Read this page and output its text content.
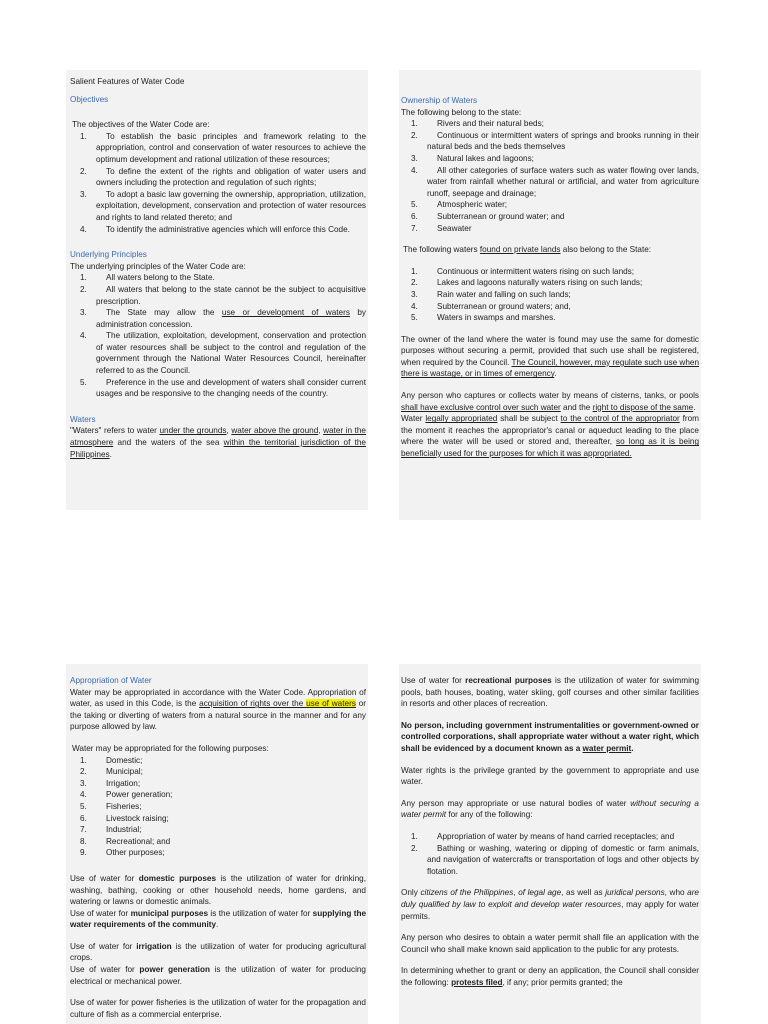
Salient Features of Water Code

Objectives

The objectives of the Water Code are:

1.	To establish the basic principles and framework relating to the appropriation, control and conservation of water resources to achieve the optimum development and rational utilization of these resources;
2.	To define the extent of the rights and obligation of water users and owners including the protection and regulation of such rights;
3.	To adopt a basic law governing the ownership, appropriation, utilization, exploitation, development, conservation and protection of water resources and rights to land related thereto; and
4.	To identify the administrative agencies which will enforce this Code.

Underlying Principles

The underlying principles of the Water Code are:

1.	All waters belong to the State.
2.	All waters that belong to the state cannot be the subject to acquisitive prescription.
3.	The State may allow the use or development of waters by administration concession.
4.	The utilization, exploitation, development, conservation and protection of water resources shall be subject to the control and regulation of the government through the National Water Resources Council, hereinafter referred to as the Council.
5.	Preference in the use and development of waters shall consider current usages and be responsive to the changing needs of the country.

Waters

"Waters" refers to water under the grounds, water above the ground, water in the atmosphere and the waters of the sea within the territorial jurisdiction of the Philippines.

Ownership of Waters

The following belong to the state:

1.	Rivers and their natural beds;
2.	Continuous or intermittent waters of springs and brooks running in their natural beds and the beds themselves
3.	Natural lakes and lagoons;
4.	All other categories of surface waters such as water flowing over lands, water from rainfall whether natural or artificial, and water from agriculture runoff, seepage and drainage;
5.	Atmospheric water;
6.	Subterranean or ground water; and
7.	Seawater

The following waters found on private lands also belong to the State:

1.	Continuous or intermittent waters rising on such lands;
2.	Lakes and lagoons naturally waters rising on such lands;
3.	Rain water and falling on such lands;
4.	Subterranean or ground waters; and,
5.	Waters in swamps and marshes.

The owner of the land where the water is found may use the same for domestic purposes without securing a permit, provided that such use shall be registered, when required by the Council. The Council, however, may regulate such use when there is wastage, or in times of emergency.

Any person who captures or collects water by means of cisterns, tanks, or pools shall have exclusive control over such water and the right to dispose of the same.

Water legally appropriated shall be subject to the control of the appropriator from the moment it reaches the appropriator's canal or aqueduct leading to the place where the water will be used or stored and, thereafter, so long as it is being beneficially used for the purposes for which it was appropriated.

Appropriation of Water

Water may be appropriated in accordance with the Water Code. Appropriation of water, as used in this Code, is the acquisition of rights over the use of waters or the taking or diverting of waters from a natural source in the manner and for any purpose allowed by law.

Water may be appropriated for the following purposes:

1.	Domestic;
2.	Municipal;
3.	Irrigation;
4.	Power generation;
5.	Fisheries;
6.	Livestock raising;
7.	Industrial;
8.	Recreational; and
9.	Other purposes;

Use of water for domestic purposes is the utilization of water for drinking, washing, bathing, cooking or other household needs, home gardens, and watering or lawns or domestic animals.

Use of water for municipal purposes is the utilization of water for supplying the water requirements of the community.

Use of water for irrigation is the utilization of water for producing agricultural crops.

Use of water for power generation is the utilization of water for producing electrical or mechanical power.

Use of water for power fisheries is the utilization of water for the propagation and culture of fish as a commercial enterprise.

Use of water for recreational purposes is the utilization of water for swimming pools, bath houses, boating, water skiing, golf courses and other similar facilities in resorts and other places of recreation.

No person, including government instrumentalities or government-owned or controlled corporations, shall appropriate water without a water right, which shall be evidenced by a document known as a water permit.

Water rights is the privilege granted by the government to appropriate and use water.

Any person may appropriate or use natural bodies of water without securing a water permit for any of the following:

1.	Appropriation of water by means of hand carried receptacles; and
2.	Bathing or washing, watering or dipping of domestic or farm animals, and navigation of watercrafts or transportation of logs and other objects by flotation.

Only citizens of the Philippines, of legal age, as well as juridical persons, who are duly qualified by law to exploit and develop water resources, may apply for water permits.

Any person who desires to obtain a water permit shall file an application with the Council who shall make known said application to the public for any protests.

In determining whether to grant or deny an application, the Council shall consider the following: protests filed, if any; prior permits granted; the
